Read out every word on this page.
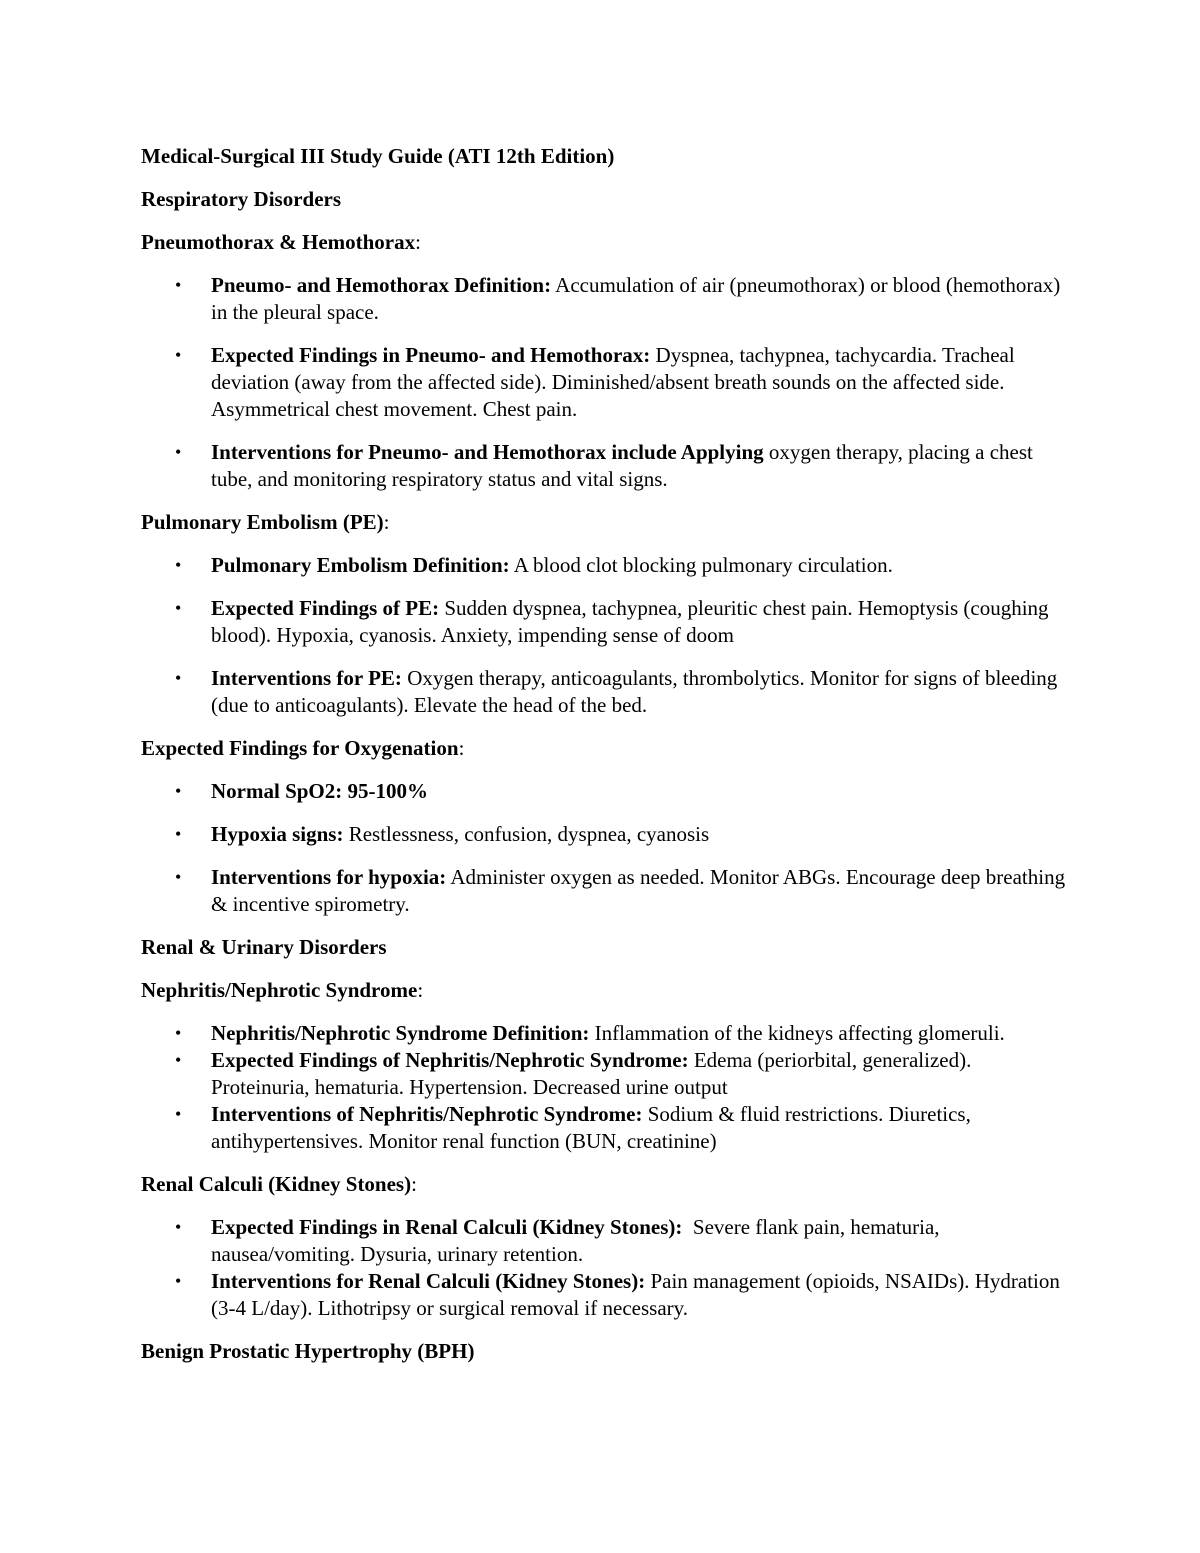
Medical-Surgical III Study Guide (ATI 12th Edition)

Respiratory Disorders

Pneumothorax & Hemothorax:

• Pneumo- and Hemothorax Definition: Accumulation of air (pneumothorax) or blood (hemothorax) in the pleural space.
• Expected Findings in Pneumo- and Hemothorax: Dyspnea, tachypnea, tachycardia. Tracheal deviation (away from the affected side). Diminished/absent breath sounds on the affected side. Asymmetrical chest movement. Chest pain.
• Interventions for Pneumo- and Hemothorax include Applying oxygen therapy, placing a chest tube, and monitoring respiratory status and vital signs.

Pulmonary Embolism (PE):

• Pulmonary Embolism Definition: A blood clot blocking pulmonary circulation.
• Expected Findings of PE: Sudden dyspnea, tachypnea, pleuritic chest pain. Hemoptysis (coughing blood). Hypoxia, cyanosis. Anxiety, impending sense of doom
• Interventions for PE: Oxygen therapy, anticoagulants, thrombolytics. Monitor for signs of bleeding (due to anticoagulants). Elevate the head of the bed.

Expected Findings for Oxygenation:

• Normal SpO2: 95-100%
• Hypoxia signs: Restlessness, confusion, dyspnea, cyanosis
• Interventions for hypoxia: Administer oxygen as needed. Monitor ABGs. Encourage deep breathing & incentive spirometry.

Renal & Urinary Disorders

Nephritis/Nephrotic Syndrome:

• Nephritis/Nephrotic Syndrome Definition: Inflammation of the kidneys affecting glomeruli.
• Expected Findings of Nephritis/Nephrotic Syndrome: Edema (periorbital, generalized). Proteinuria, hematuria. Hypertension. Decreased urine output
• Interventions of Nephritis/Nephrotic Syndrome: Sodium & fluid restrictions. Diuretics, antihypertensives. Monitor renal function (BUN, creatinine)

Renal Calculi (Kidney Stones):

• Expected Findings in Renal Calculi (Kidney Stones):  Severe flank pain, hematuria, nausea/vomiting. Dysuria, urinary retention.
• Interventions for Renal Calculi (Kidney Stones): Pain management (opioids, NSAIDs). Hydration (3-4 L/day). Lithotripsy or surgical removal if necessary.

Benign Prostatic Hypertrophy (BPH)
